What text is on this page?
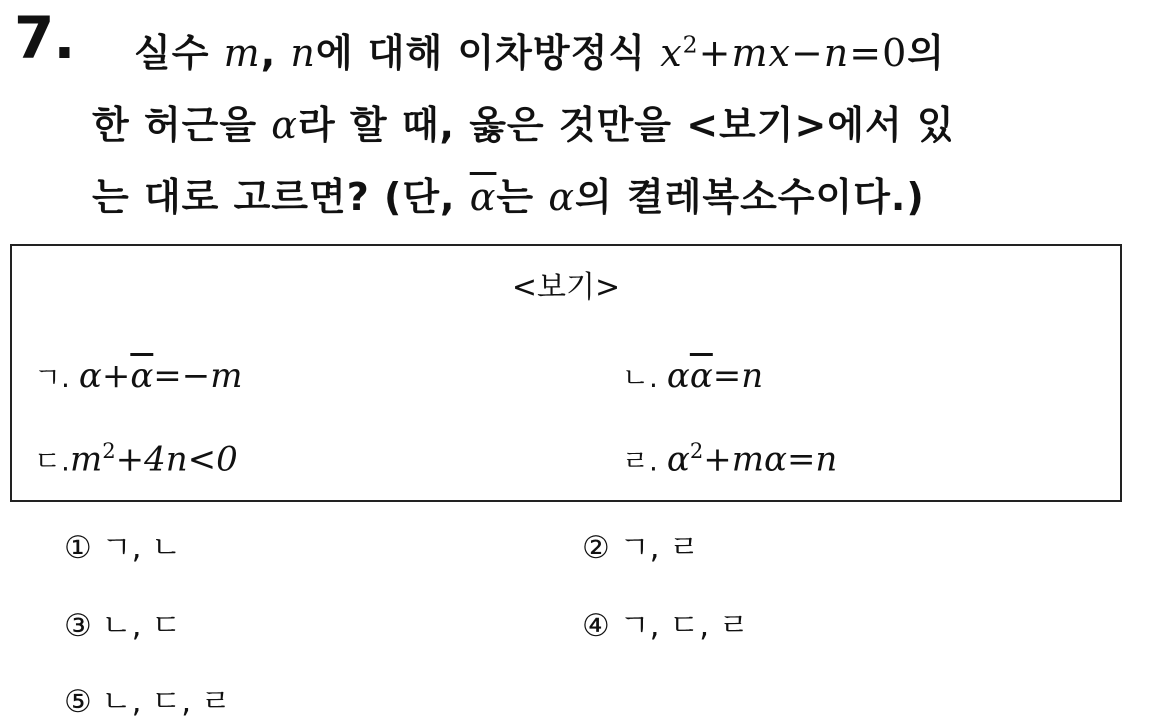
7. 실수 m, n에 대해 이차방정식 $x^2+mx-n=0$의
한 허근을 α라 할 때, 옳은 것만을 <보기>에서 있
는 대로 고르면? (단, $\overline{\alpha}$는 α의 켤레복소수이다.)
<보기>
ㄱ. $\alpha+\overline{\alpha}=-m$	ㄴ. $\alpha\overline{\alpha}=n$
ㄷ$.m^2+4n<0$	ㄹ. $\alpha^2+m\alpha=n$
① ㄱ, ㄴ	② ㄱ, ㄹ
③ ㄴ, ㄷ	④ ㄱ, ㄷ, ㄹ
⑤ ㄴ, ㄷ, ㄹ
